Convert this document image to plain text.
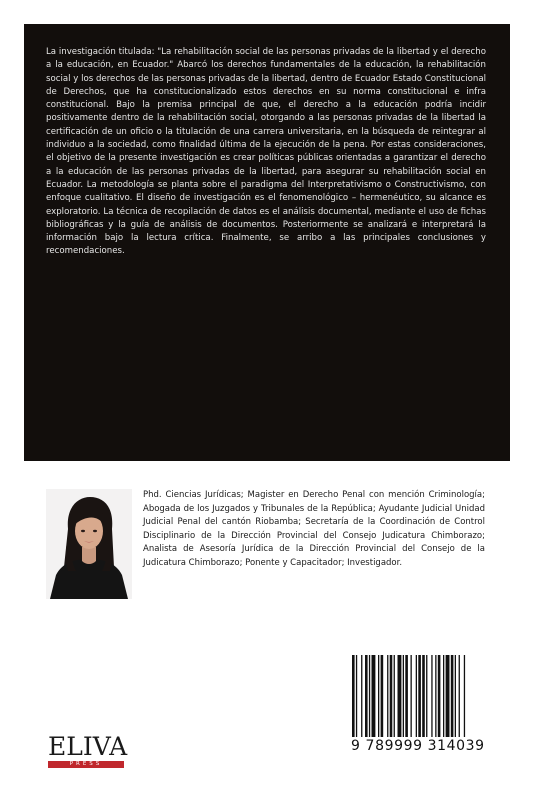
La investigación titulada: "La rehabilitación social de las personas privadas de la libertad y el derecho a la educación, en Ecuador." Abarcó los derechos fundamentales de la educación, la rehabilitación social y los derechos de las personas privadas de la libertad, dentro de Ecuador Estado Constitucional de Derechos, que ha constitucionalizado estos derechos en su norma constitucional e infra constitucional. Bajo la premisa principal de que, el derecho a la educación podría incidir positivamente dentro de la rehabilitación social, otorgando a las personas privadas de la libertad la certificación de un oficio o la titulación de una carrera universitaria, en la búsqueda de reintegrar al individuo a la sociedad, como finalidad última de la ejecución de la pena. Por estas consideraciones, el objetivo de la presente investigación es crear políticas públicas orientadas a garantizar el derecho a la educación de las personas privadas de la libertad, para asegurar su rehabilitación social en Ecuador. La metodología se planta sobre el paradigma del Interpretativismo o Constructivismo, con enfoque cualitativo. El diseño de investigación es el fenomenológico – hermenéutico, su alcance es exploratorio. La técnica de recopilación de datos es el análisis documental, mediante el uso de fichas bibliográficas y la guía de análisis de documentos. Posteriormente se analizará e interpretará la información bajo la lectura crítica. Finalmente, se arribo a las principales conclusiones y recomendaciones.

Phd. Ciencias Jurídicas; Magister en Derecho Penal con mención Criminología; Abogada de los Juzgados y Tribunales de la República; Ayudante Judicial Unidad Judicial Penal del cantón Riobamba; Secretaría de la Coordinación de Control Disciplinario de la Dirección Provincial del Consejo Judicatura Chimborazo; Analista de Asesoría Jurídica de la Dirección Provincial del Consejo de la Judicatura Chimborazo; Ponente y Capacitador; Investigador.

ELIVA
PRESS
9 789999 314039
